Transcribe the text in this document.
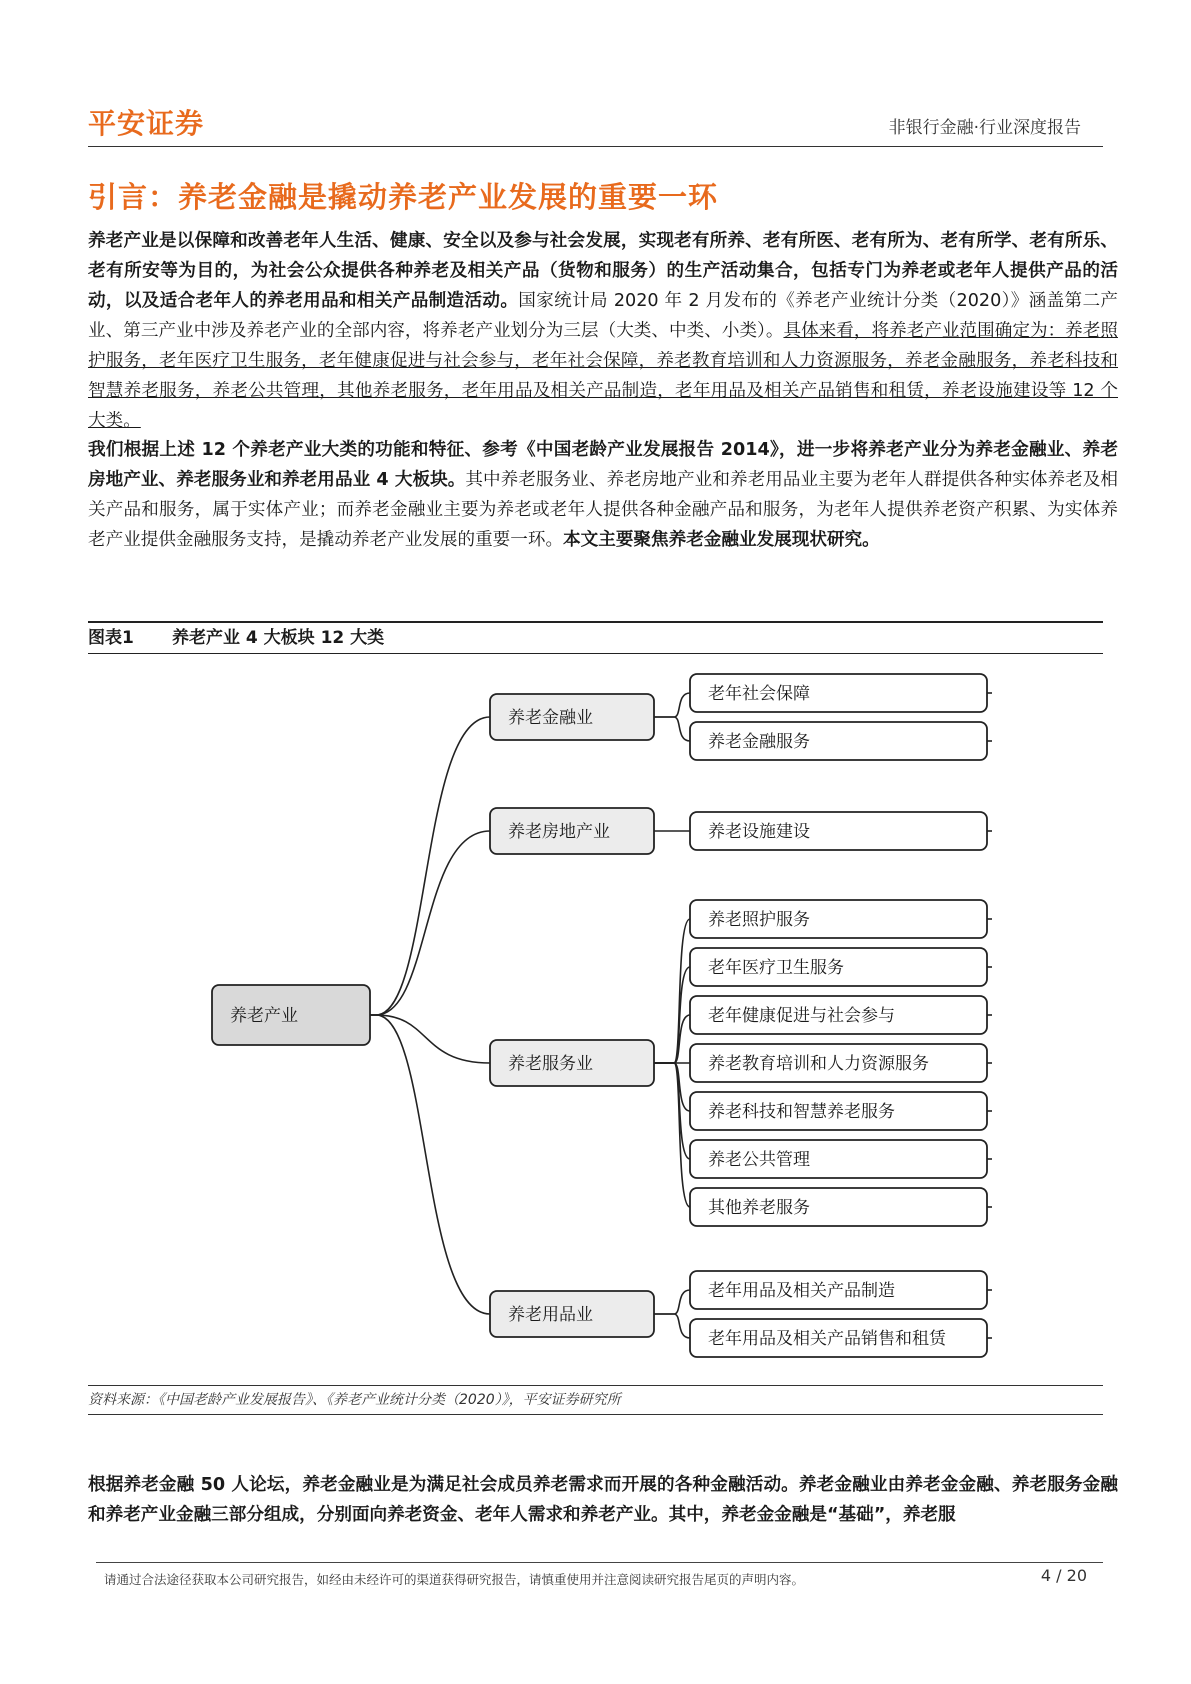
平安证券	非银行金融·行业深度报告
引言：养老金融是撬动养老产业发展的重要一环
养老产业是以保障和改善老年人生活、健康、安全以及参与社会发展，实现老有所养、老有所医、老有所为、老有所学、老有所乐、老有所安等为目的，为社会公众提供各种养老及相关产品（货物和服务）的生产活动集合，包括专门为养老或老年人提供产品的活动，以及适合老年人的养老用品和相关产品制造活动。国家统计局 2020 年 2 月发布的《养老产业统计分类（2020）》涵盖第二产业、第三产业中涉及养老产业的全部内容，将养老产业划分为三层（大类、中类、小类）。具体来看，将养老产业范围确定为：养老照护服务，老年医疗卫生服务，老年健康促进与社会参与，老年社会保障，养老教育培训和人力资源服务，养老金融服务，养老科技和智慧养老服务，养老公共管理，其他养老服务，老年用品及相关产品制造，老年用品及相关产品销售和租赁，养老设施建设等 12 个大类。
我们根据上述 12 个养老产业大类的功能和特征、参考《中国老龄产业发展报告 2014》，进一步将养老产业分为养老金融业、养老房地产业、养老服务业和养老用品业 4 大板块。其中养老服务业、养老房地产业和养老用品业主要为老年人群提供各种实体养老及相关产品和服务，属于实体产业；而养老金融业主要为养老或老年人提供各种金融产品和服务，为老年人提供养老资产积累、为实体养老产业提供金融服务支持，是撬动养老产业发展的重要一环。本文主要聚焦养老金融业发展现状研究。
图表1 养老产业 4 大板块 12 大类
养老产业
养老金融业
老年社会保障
养老金融服务
养老房地产业	养老设施建设
养老服务业
养老照护服务
老年医疗卫生服务
老年健康促进与社会参与
养老教育培训和人力资源服务
养老科技和智慧养老服务
养老公共管理
其他养老服务
养老用品业
老年用品及相关产品制造
老年用品及相关产品销售和租赁
资料来源：《中国老龄产业发展报告》、《养老产业统计分类（2020）》，平安证券研究所
根据养老金融 50 人论坛，养老金融业是为满足社会成员养老需求而开展的各种金融活动。养老金融业由养老金金融、养老服务金融和养老产业金融三部分组成，分别面向养老资金、老年人需求和养老产业。其中，养老金金融是“基础”，养老服
请通过合法途径获取本公司研究报告，如经由未经许可的渠道获得研究报告，请慎重使用并注意阅读研究报告尾页的声明内容。	4 / 20
